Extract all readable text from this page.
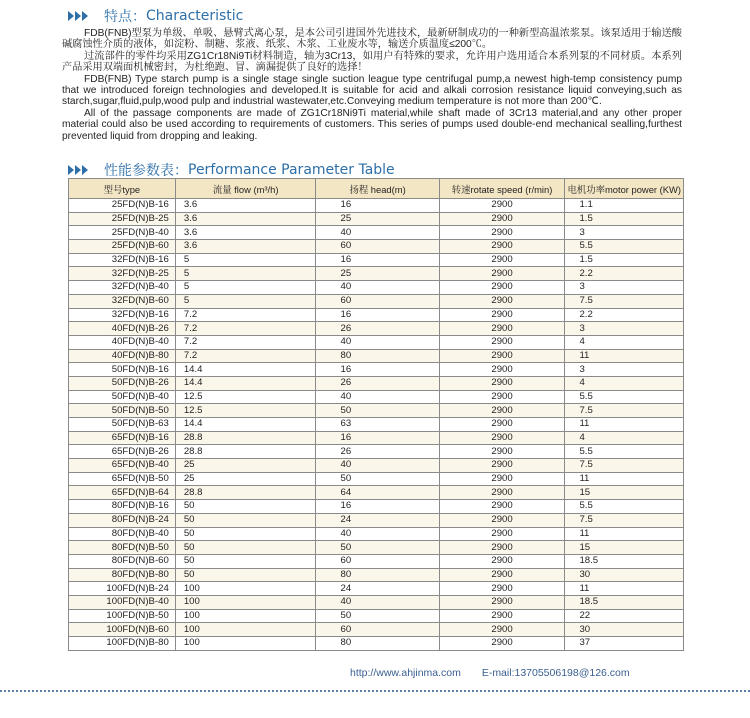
特点： Characteristic

FDB(FNB)型泵为单级、单吸、悬臂式离心泵，是本公司引进国外先进技术，最新研制成功的一种新型高温浓浆泵。该泵适用于输送酸碱腐蚀性介质的液体，如淀粉、制糖、浆液、纸浆、木浆、工业废水等，输送介质温度≤200℃。

过流部件的零件均采用ZG1Cr18Ni9Ti材料制造，轴为3Cr13，如用户有特殊的要求，允许用户选用适合本系列泵的不同材质。本系列产品采用双端面机械密封，为杜绝跑、冒、滴漏提供了良好的选择！

FDB(FNB) Type starch pump is a single stage single suction league type centrifugal pump,a newest high-temp consistency pump that we introduced foreign technologies and developed.It is suitable for acid and alkali corrosion resistance liquid conveying,such as starch,sugar,fluid,pulp,wood pulp and industrial wastewater,etc.Conveying medium temperature is not more than 200℃.

All of the passage components are made of ZG1Cr18Ni9Ti material,while shaft made of 3Cr13 material,and any other proper material could also be used according to requirements of customers. This series of pumps used double-end mechanical sealling,furthest prevented liquid from dropping and leaking.

性能参数表： Performance Parameter Table
型号type	流量 flow (m³/h)	扬程 head(m)	转速rotate speed (r/min)	电机功率motor power (KW)
25FD(N)B-16	3.6	16	2900	1.1
25FD(N)B-25	3.6	25	2900	1.5
25FD(N)B-40	3.6	40	2900	3
25FD(N)B-60	3.6	60	2900	5.5
32FD(N)B-16	5	16	2900	1.5
32FD(N)B-25	5	25	2900	2.2
32FD(N)B-40	5	40	2900	3
32FD(N)B-60	5	60	2900	7.5
32FD(N)B-16	7.2	16	2900	2.2
40FD(N)B-26	7.2	26	2900	3
40FD(N)B-40	7.2	40	2900	4
40FD(N)B-80	7.2	80	2900	11
50FD(N)B-16	14.4	16	2900	3
50FD(N)B-26	14.4	26	2900	4
50FD(N)B-40	12.5	40	2900	5.5
50FD(N)B-50	12.5	50	2900	7.5
50FD(N)B-63	14.4	63	2900	11
65FD(N)B-16	28.8	16	2900	4
65FD(N)B-26	28.8	26	2900	5.5
65FD(N)B-40	25	40	2900	7.5
65FD(N)B-50	25	50	2900	11
65FD(N)B-64	28.8	64	2900	15
80FD(N)B-16	50	16	2900	5.5
80FD(N)B-24	50	24	2900	7.5
80FD(N)B-40	50	40	2900	11
80FD(N)B-50	50	50	2900	15
80FD(N)B-60	50	60	2900	18.5
80FD(N)B-80	50	80	2900	30
100FD(N)B-24	100	24	2900	11
100FD(N)B-40	100	40	2900	18.5
100FD(N)B-50	100	50	2900	22
100FD(N)B-60	100	60	2900	30
100FD(N)B-80	100	80	2900	37
http://www.ahjinma.com E-mail:13705506198@126.com
